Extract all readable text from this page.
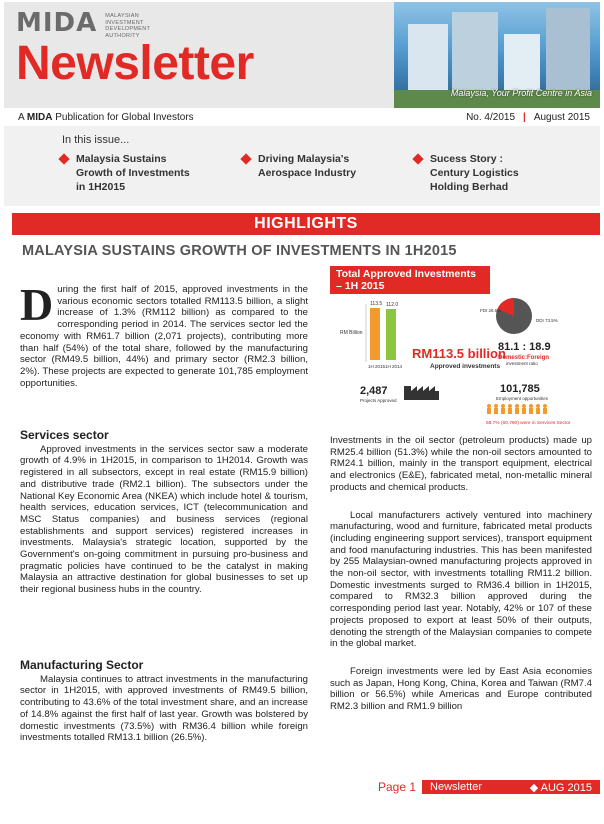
MIDA MALAYSIAN
INVESTMENT
DEVELOPMENT
AUTHORITY
Newsletter
Malaysia, Your Profit Centre in Asia
A MIDA Publication for Global Investors	No. 4/2015 | August 2015
In this issue...
Malaysia Sustains
Growth of Investments
in 1H2015
Driving Malaysia's
Aerospace Industry
Sucess Story :
Century Logistics
Holding Berhad
HIGHLIGHTS
MALAYSIA SUSTAINS GROWTH OF INVESTMENTS IN 1H2015
D uring the first half of 2015, approved investments in the various economic sectors totalled RM113.5 billion, a slight increase of 1.3% (RM112 billion) as compared to the corresponding period in 2014. The services sector led the economy with RM61.7 billion (2,071 projects), contributing more than half (54%) of the total share, followed by the manufacturing sector (RM49.5 billion, 44%) and primary sector (RM2.3 billion, 2%). These projects are expected to generate 101,785 employment opportunities.
Total Approved Investments
– 1H 2015
RM Billion
113.5 112.0
1H 2015 1H 2014
RM113.5 billion
Approved investments
FDI 26.5%
DDI 73.5%
81.1 : 18.9
Domestic:Foreign
investment ratio
2,487
Projects Approved
101,785
Employment opportunities
58.7% (60,760) were in Services Sector
Services sector

Approved investments in the services sector saw a moderate growth of 4.9% in 1H2015, in comparison to 1H2014. Growth was registered in all subsectors, except in real estate (RM15.9 billion) and distributive trade (RM2.1 billion). The subsectors under the National Key Economic Area (NKEA) which include hotel & tourism, health services, education services, ICT (telecommunication and MSC Status companies) and business services (regional establishments and support services) registered increases in investments. Malaysia's strategic location, supported by the Government's on-going commitment in pursuing pro-business and pragmatic policies have continued to be the catalyst in making Malaysia an attractive destination for global businesses to set up their regional business hubs in the country.

Manufacturing Sector

Malaysia continues to attract investments in the manufacturing sector in 1H2015, with approved investments of RM49.5 billion, contributing to 43.6% of the total investment share, and an increase of 14.8% against the first half of last year. Growth was bolstered by domestic investments (73.5%) with RM36.4 billion while foreign investments totalled RM13.1 billion (26.5%).

Investments in the oil sector (petroleum products) made up RM25.4 billion (51.3%) while the non-oil sectors amounted to RM24.1 billion, mainly in the transport equipment, electrical and electronics (E&E), fabricated metal, non-metallic mineral products and chemical products.

Local manufacturers actively ventured into machinery manufacturing, wood and furniture, fabricated metal products (including engineering support services), transport equipment and food manufacturing industries. This has been manifested by 255 Malaysian-owned manufacturing projects approved in the non-oil sector, with investments totalling RM11.2 billion. Domestic investments surged to RM36.4 billion in 1H2015, compared to RM32.3 billion approved during the corresponding period last year. Notably, 42% or 107 of these projects proposed to export at least 50% of their outputs, denoting the strength of the Malaysian companies to compete in the global market.

Foreign investments were led by East Asia economies such as Japan, Hong Kong, China, Korea and Taiwan (RM7.4 billion or 56.5%) while Americas and Europe contributed RM2.3 billion and RM1.9 billion

Page 1 Newsletter	◆ AUG 2015
